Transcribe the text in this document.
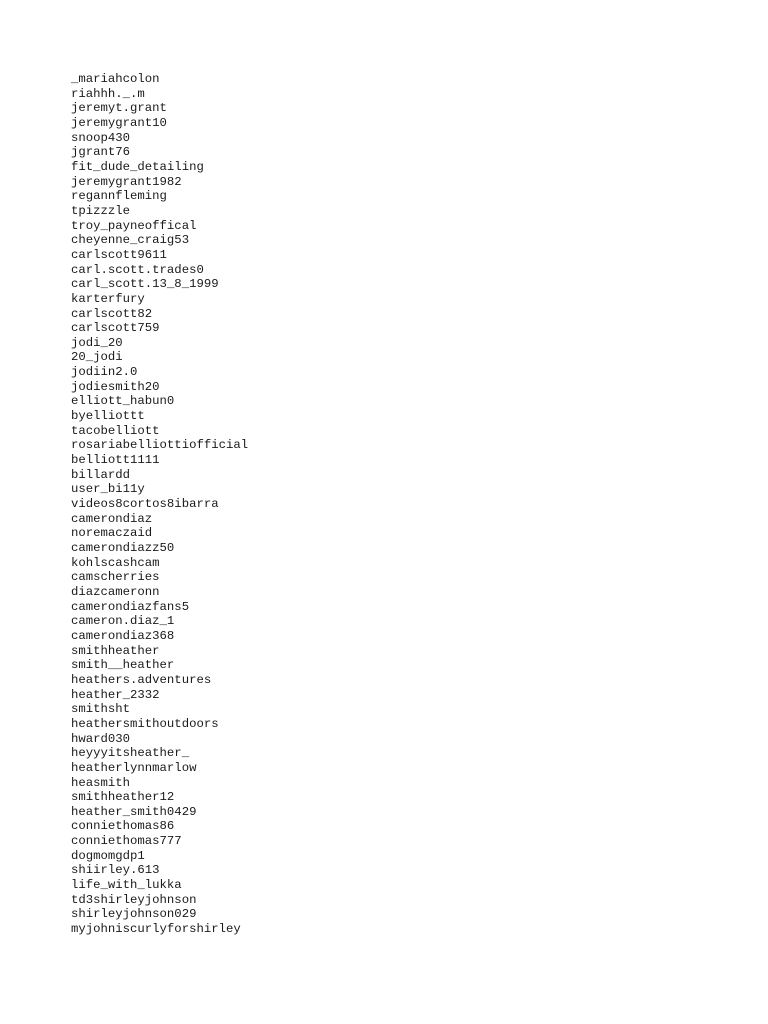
_mariahcolon
riahhh._.m
jeremyt.grant
jeremygrant10
snoop430
jgrant76
fit_dude_detailing
jeremygrant1982
regannfleming
tpizzzle
troy_payneoffical
cheyenne_craig53
carlscott9611
carl.scott.trades0
carl_scott.13_8_1999
karterfury
carlscott82
carlscott759
jodi_20
20_jodi
jodiin2.0
jodiesmith20
elliott_habun0
byelliottt
tacobelliott
rosariabelliottiofficial
belliott1111
billardd
user_bi11y
videos8cortos8ibarra
camerondiaz
noremaczaid
camerondiazz50
kohlscashcam
camscherries
diazcameronn
camerondiazfans5
cameron.diaz_1
camerondiaz368
smithheather
smith__heather
heathers.adventures
heather_2332
smithsht
heathersmithoutdoors
hward030
heyyyitsheather_
heatherlynnmarlow
heasmith
smithheather12
heather_smith0429
conniethomas86
conniethomas777
dogmomgdp1
shiirley.613
life_with_lukka
td3shirleyjohnson
shirleyjohnson029
myjohniscurlyforshirley
